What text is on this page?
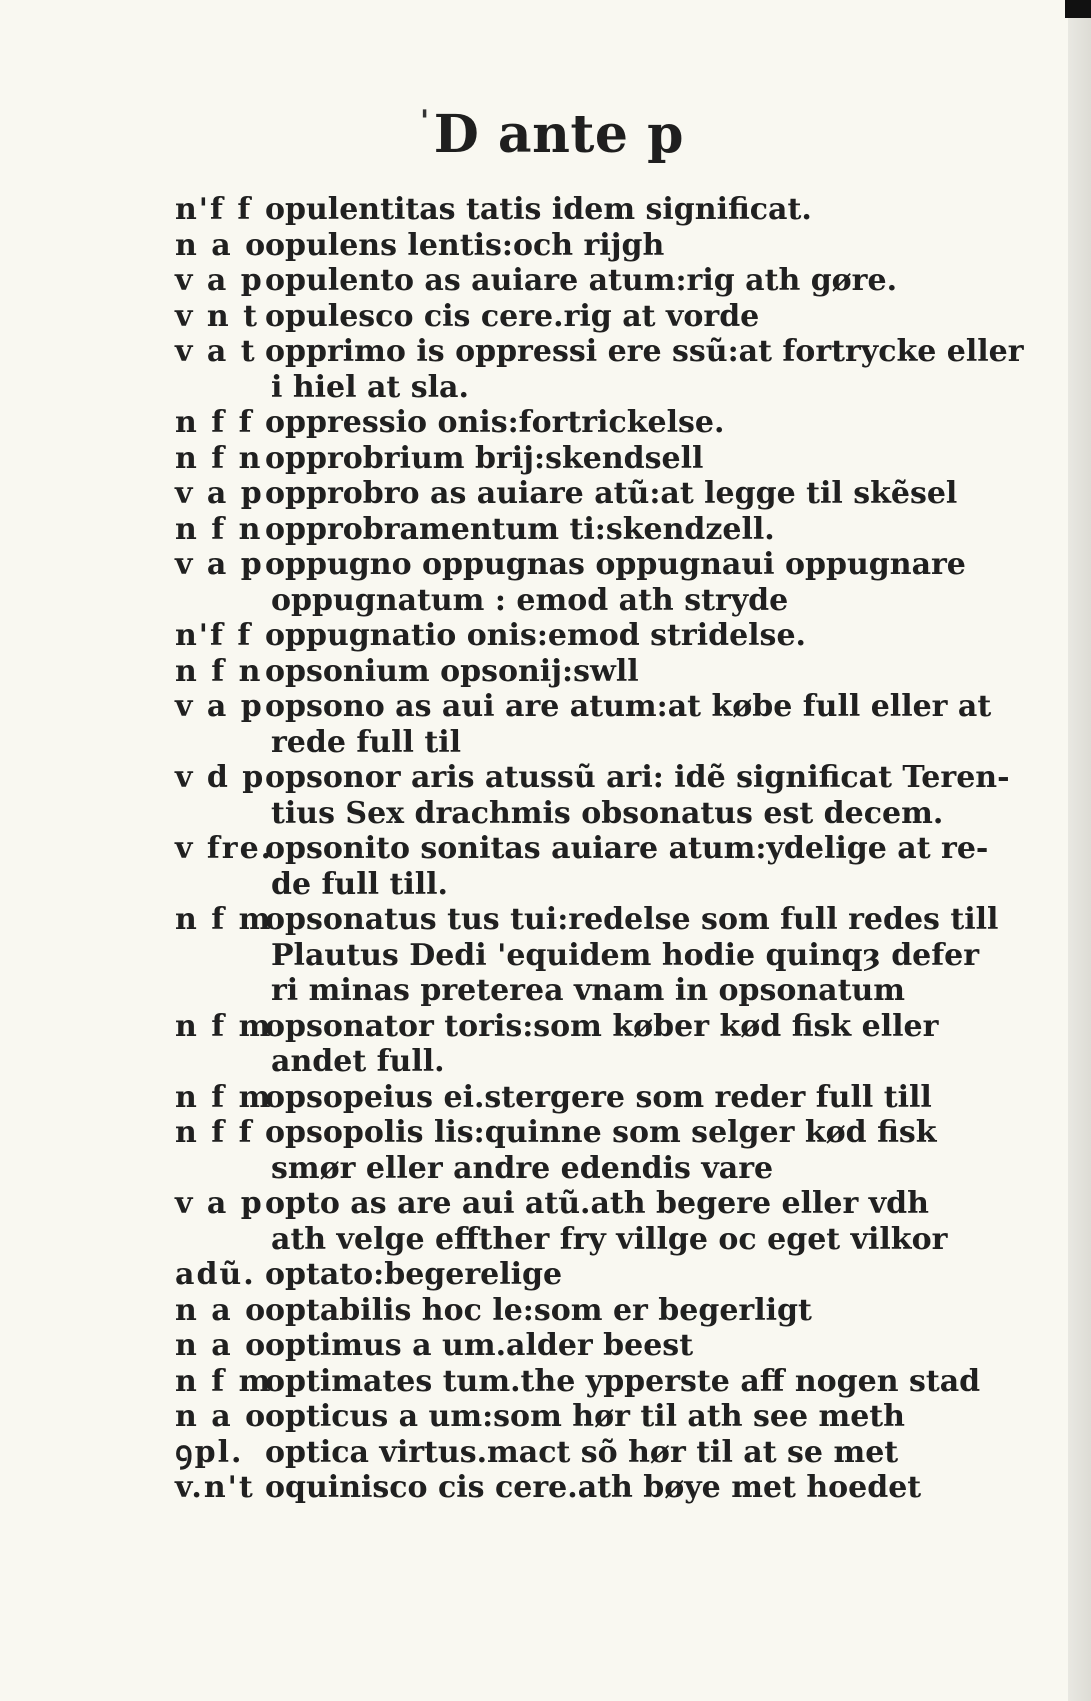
'D ante p
n'f f opulentitas tatis idem significat.
n a o
opulens lentis:och rijgh
v a p opulento as auiare atum:rig ath gøre.
v n t opulesco cis cere.rig at vorde
v a t opprimo is oppressi ere ssũ:at fortrycke eller
i hiel at sla.
n f f oppressio onis:fortrickelse.
n f n opprobrium brij:skendsell
v a p opprobro as auiare atũ:at legge til skẽsel
n f n opprobramentum ti:skendzell.
v a p oppugno oppugnas oppugnaui oppugnare
oppugnatum : emod ath stryde
n'f f oppugnatio onis:emod stridelse.
n f n opsonium opsonij:swll
v a p opsono as aui are atum:at købe full eller at
rede full til
v d p opsonor aris atussũ ari: idẽ significat Teren-
tius Sex drachmis obsonatus est decem.
v fre.
opsonito sonitas auiare atum:ydelige at re-
de full till.
n f m
opsonatus tus tui:redelse som full redes till
Plautus Dedi 'equidem hodie quinqȝ defer
ri minas preterea vnam in opsonatum
n f m
opsonator toris:som køber kød fisk eller
andet full.
n f m
opsopeius ei.stergere som reder full till
n f f opsopolis lis:quinne som selger kød fisk
smør eller andre edendis vare
v a p opto as are aui atũ.ath begere eller vdh
ath velge effther fry villge oc eget vilkor
adũ. optato:begerelige
n a o
optabilis hoc le:som er begerligt
n a o
optimus a um.alder beest
n f m
optimates tum.the ypperste aff nogen stad
n a o
opticus a um:som hør til ath see meth
ꝯpl. optica virtus.mact sõ hør til at se met
v.n't oquinisco cis cere.ath bøye met hoedet
